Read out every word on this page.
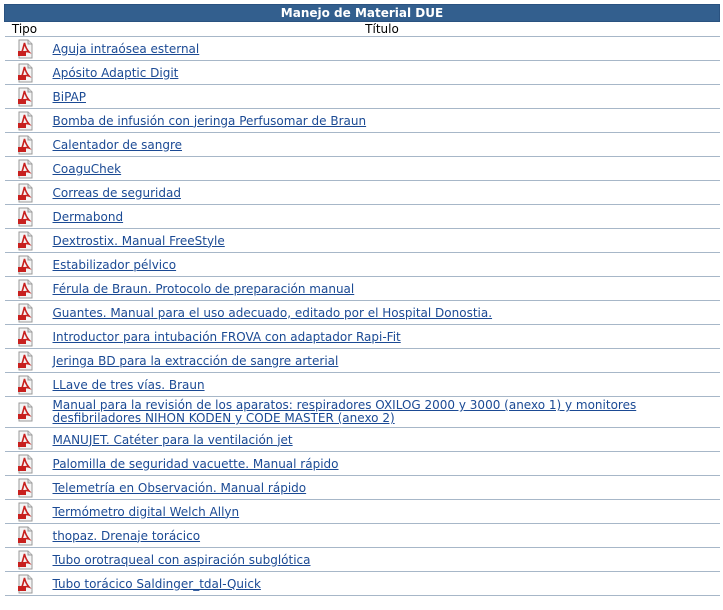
Manejo de Material DUE	
Tipo	Título
	Aguja intraósea esternal
	Apósito Adaptic Digit
	BiPAP
	Bomba de infusión con jeringa Perfusomar de Braun
	Calentador de sangre
	CoaguChek
	Correas de seguridad
	Dermabond
	Dextrostix. Manual FreeStyle
	Estabilizador pélvico
	Férula de Braun. Protocolo de preparación manual
	Guantes. Manual para el uso adecuado, editado por el Hospital Donostia.
	Introductor para intubación FROVA con adaptador Rapi-Fit
	Jeringa BD para la extracción de sangre arterial
	LLave de tres vías. Braun
	Manual para la revisión de los aparatos: respiradores OXILOG 2000 y 3000 (anexo 1) y monitores desfibriladores NIHON KODEN y CODE MASTER (anexo 2)
	MANUJET. Catéter para la ventilación jet
	Palomilla de seguridad vacuette. Manual rápido
	Telemetría en Observación. Manual rápido
	Termómetro digital Welch Allyn
	thopaz. Drenaje torácico
	Tubo orotraqueal con aspiración subglótica
	Tubo torácico Saldinger_tdal-Quick
